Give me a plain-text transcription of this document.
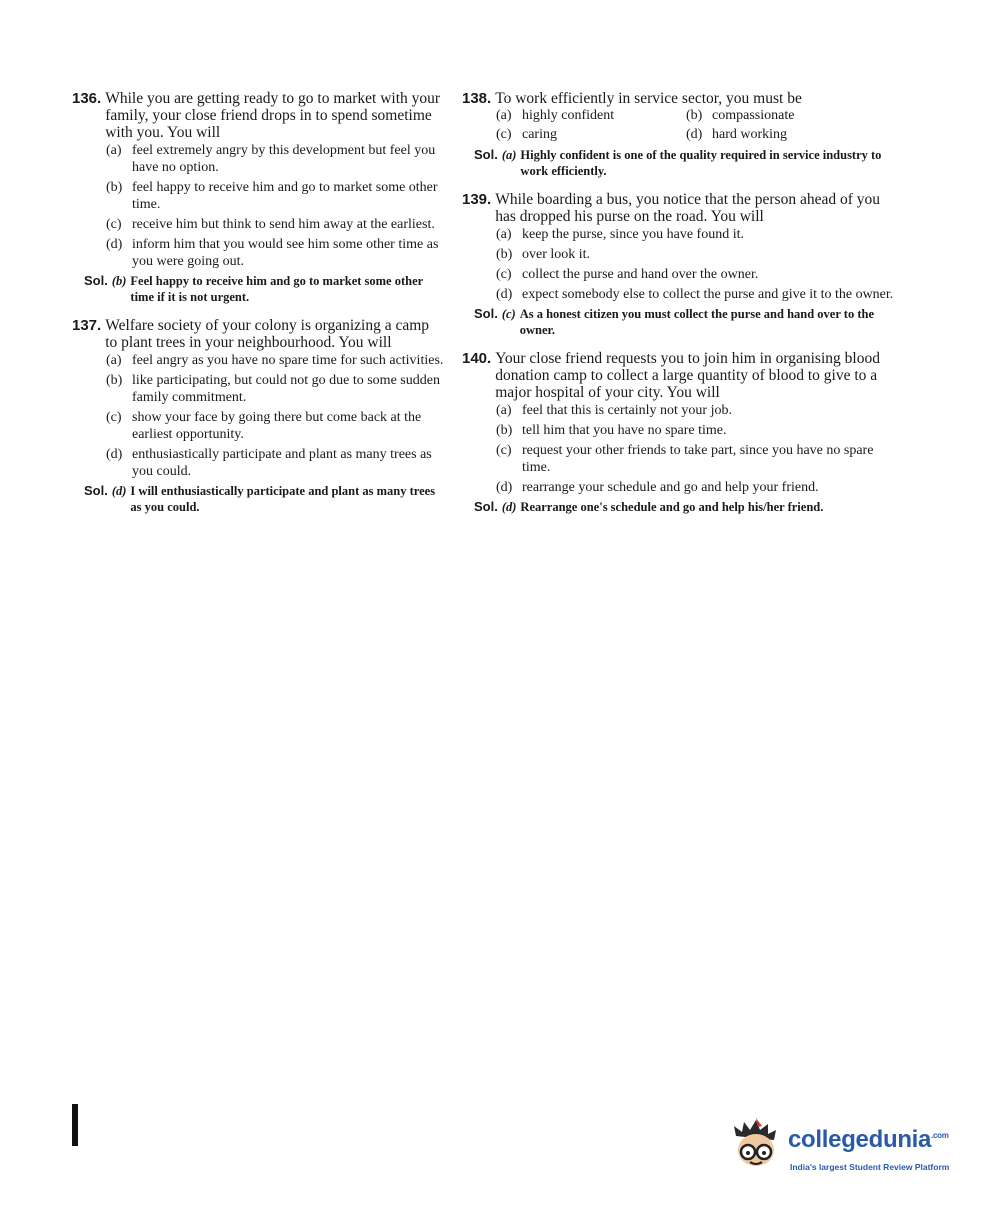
136. While you are getting ready to go to market with your family, your close friend drops in to spend sometime with you. You will
(a) feel extremely angry by this development but feel you have no option.
(b) feel happy to receive him and go to market some other time.
(c) receive him but think to send him away at the earliest.
(d) inform him that you would see him some other time as you were going out.
Sol. (b) Feel happy to receive him and go to market some other time if it is not urgent.
137. Welfare society of your colony is organizing a camp to plant trees in your neighbourhood. You will
(a) feel angry as you have no spare time for such activities.
(b) like participating, but could not go due to some sudden family commitment.
(c) show your face by going there but come back at the earliest opportunity.
(d) enthusiastically participate and plant as many trees as you could.
Sol. (d) I will enthusiastically participate and plant as many trees as you could.
138. To work efficiently in service sector, you must be
(a) highly confident	(b) compassionate
(c) caring	(d) hard working
Sol. (a) Highly confident is one of the quality required in service industry to work efficiently.
139. While boarding a bus, you notice that the person ahead of you has dropped his purse on the road. You will
(a) keep the purse, since you have found it.
(b) over look it.
(c) collect the purse and hand over the owner.
(d) expect somebody else to collect the purse and give it to the owner.
Sol. (c) As a honest citizen you must collect the purse and hand over to the owner.
140. Your close friend requests you to join him in organising blood donation camp to collect a large quantity of blood to give to a major hospital of your city. You will
(a) feel that this is certainly not your job.
(b) tell him that you have no spare time.
(c) request your other friends to take part, since you have no spare time.
(d) rearrange your schedule and go and help your friend.
Sol. (d) Rearrange one's schedule and go and help his/her friend.
collegedunia$^{.com}$
India's largest Student Review Platform
